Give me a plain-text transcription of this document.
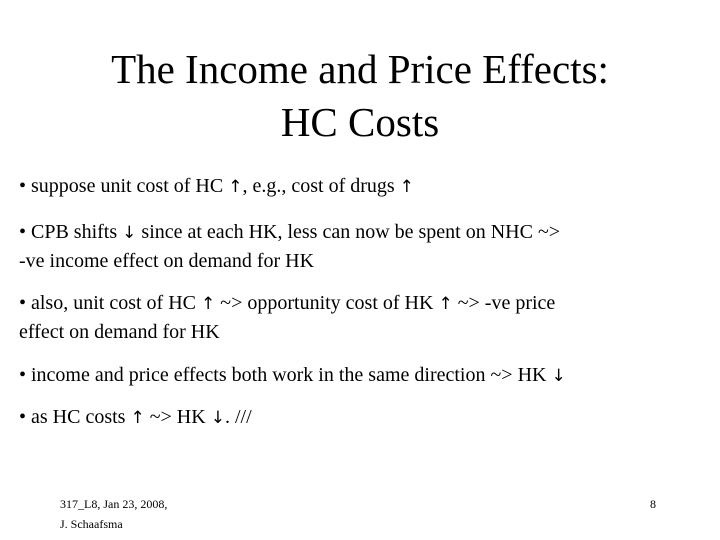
The Income and Price Effects:
HC Costs

• suppose unit cost of HC ↑, e.g., cost of drugs ↑

• CPB shifts ↓ since at each HK, less can now be spent on NHC ~>
-ve income effect on demand for HK

• also, unit cost of HC ↑ ~> opportunity cost of HK ↑ ~> -ve price
effect on demand for HK

• income and price effects both work in the same direction ~> HK ↓

• as HC costs ↑ ~> HK ↓. ///

317_L8, Jan 23, 2008,
J. Schaafsma
8
